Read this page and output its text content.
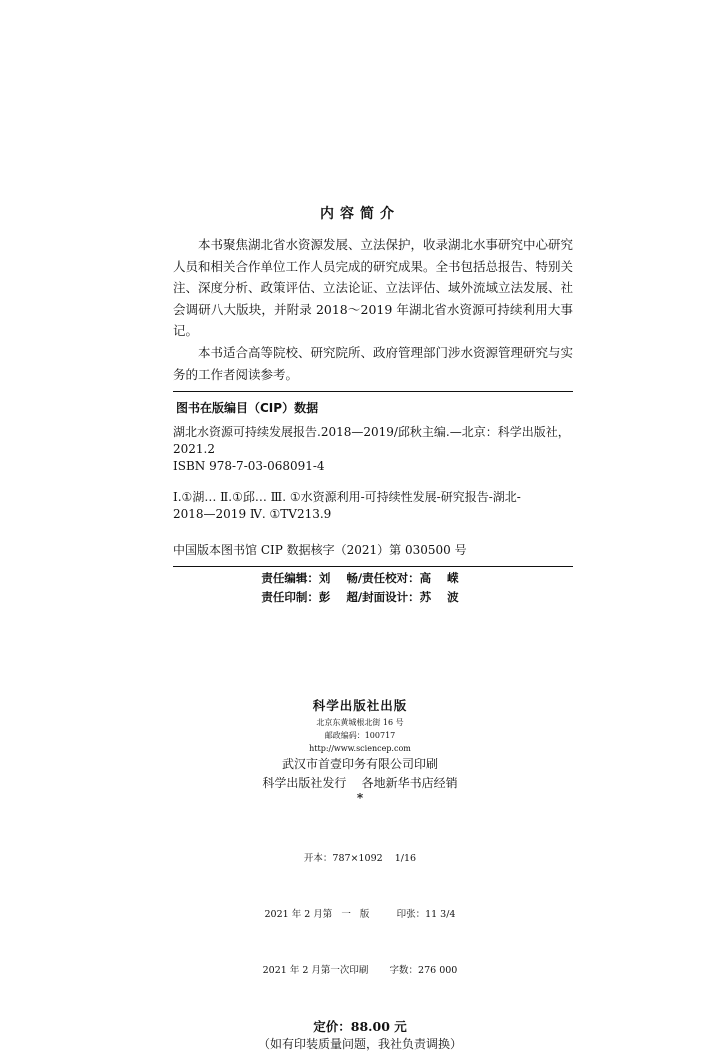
内容简介

本书聚焦湖北省水资源发展、立法保护，收录湖北水事研究中心研究人员和相关合作单位工作人员完成的研究成果。全书包括总报告、特别关注、深度分析、政策评估、立法论证、立法评估、域外流域立法发展、社会调研八大版块，并附录 2018～2019 年湖北省水资源可持续利用大事记。

本书适合高等院校、研究院所、政府管理部门涉水资源管理研究与实务的工作者阅读参考。

图书在版编目（CIP）数据
湖北水资源可持续发展报告.2018—2019/邱秋主编.—北京：科学出版社，
2021.2
ISBN 978-7-03-068091-4
Ⅰ.①湖… Ⅱ.①邱… Ⅲ. ①水资源利用-可持续性发展-研究报告-湖北-
2018—2019 Ⅳ. ①TV213.9
中国版本图书馆 CIP 数据核字（2021）第 030500 号
责任编辑：刘    畅/责任校对：高    嵘
责任印制：彭    超/封面设计：苏    波
科学出版社出版
北京东黄城根北街 16 号
邮政编码：100717
http://www.sciencep.com
武汉市首壹印务有限公司印刷
科学出版社发行    各地新华书店经销
*

开本：787×1092    1/16

2021 年 2 月第   一   版         印张：11 3/4

2021 年 2 月第一次印刷       字数：276 000

定价：88.00 元
（如有印装质量问题，我社负责调换）
